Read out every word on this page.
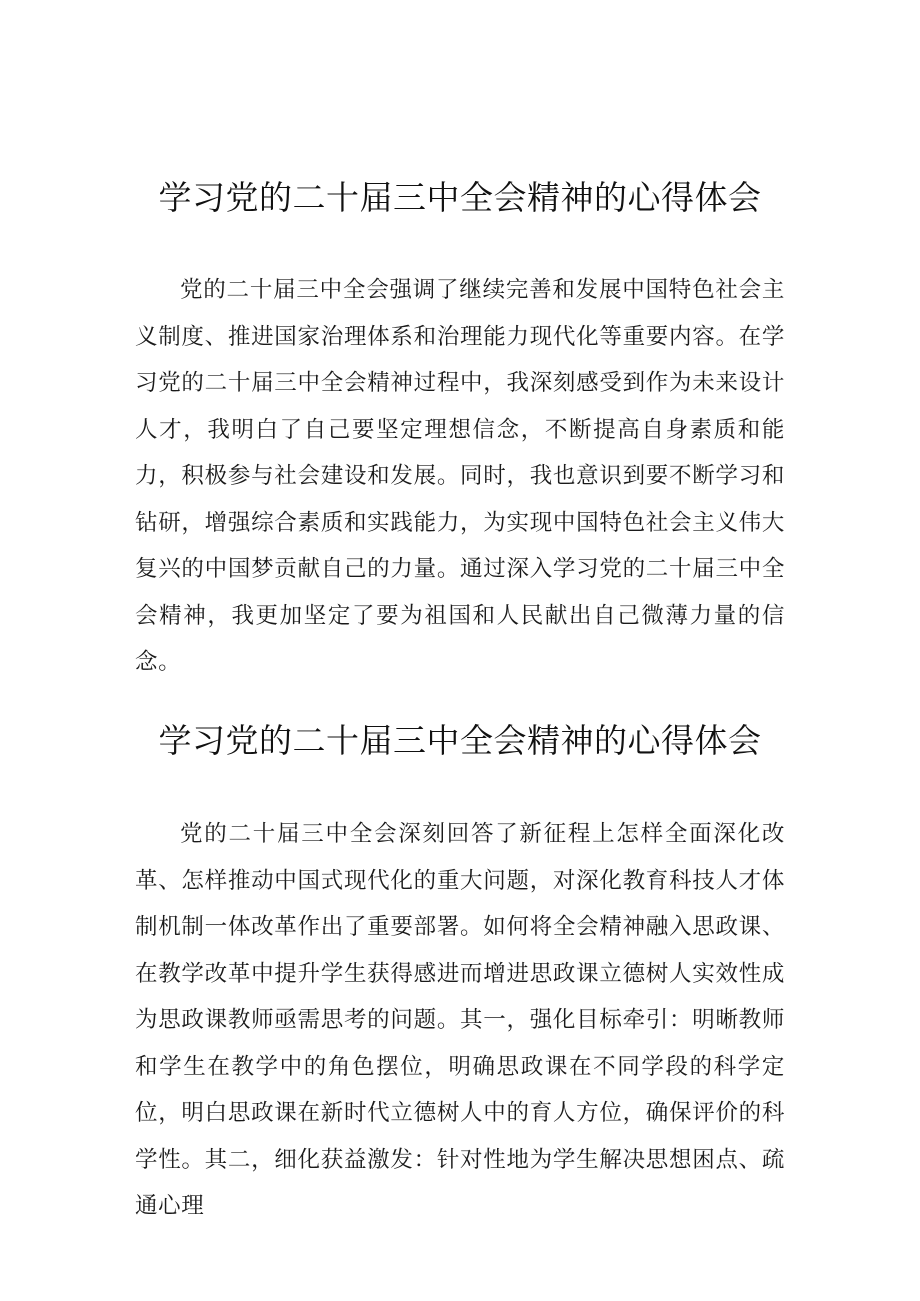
学习党的二十届三中全会精神的心得体会

党的二十届三中全会强调了继续完善和发展中国特色社会主义制度、推进国家治理体系和治理能力现代化等重要内容。在学习党的二十届三中全会精神过程中，我深刻感受到作为未来设计人才，我明白了自己要坚定理想信念，不断提高自身素质和能力，积极参与社会建设和发展。同时，我也意识到要不断学习和钻研，增强综合素质和实践能力，为实现中国特色社会主义伟大复兴的中国梦贡献自己的力量。通过深入学习党的二十届三中全会精神，我更加坚定了要为祖国和人民献出自己微薄力量的信念。

学习党的二十届三中全会精神的心得体会

党的二十届三中全会深刻回答了新征程上怎样全面深化改革、怎样推动中国式现代化的重大问题，对深化教育科技人才体制机制一体改革作出了重要部署。如何将全会精神融入思政课、在教学改革中提升学生获得感进而增进思政课立德树人实效性成为思政课教师亟需思考的问题。其一，强化目标牵引：明晰教师和学生在教学中的角色摆位，明确思政课在不同学段的科学定位，明白思政课在新时代立德树人中的育人方位，确保评价的科学性。其二，细化获益激发：针对性地为学生解决思想困点、疏通心理
